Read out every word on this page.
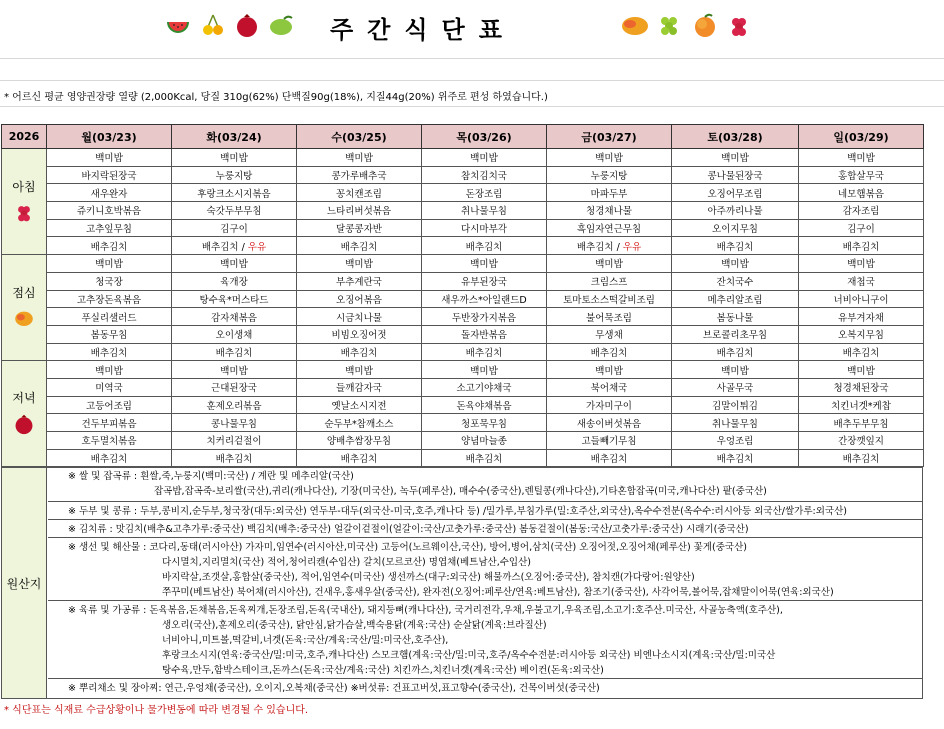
주간식단표
* 어르신 평균 영양권장량 열량 (2,000Kcal, 당질 310g(62%) 단백질90g(18%), 지질44g(20%) 위주로 편성 하였습니다.)
2026	월(03/23)	화(03/24)	수(03/25)	목(03/26)	금(03/27)	토(03/28)	일(03/29)

아침	백미밥	백미밥	백미밥	백미밥	백미밥	백미밥	백미밥
	바지락된장국	누룽지탕	콩가루배추국	참치김치국	누룽지탕	콩나물된장국	홍합살무국
	새우완자	후랑크소시지볶음	꽁치캔조림	돈장조림	마파두부	오징어무조림	네모햄볶음
	쥬키니호박볶음	숙갓두부무침	느타리버섯볶음	취나물무침	청경채나물	아주까리나물	감자조림
	고추잎무침	김구이	달콩콩자반	다시마부각	흑임자연근무침	오이지무침	김구이
	배추김치	배추김치 / 우유	배추김치	배추김치	배추김치 / 우유	배추김치	배추김치

점심	백미밥	백미밥	백미밥	백미밥	백미밥	백미밥	백미밥
	청국장	육개장	부추계란국	유부된장국	크림스프	잔치국수	재첩국
	고추장돈육볶음	탕수육*머스타드	오징어볶음	새우까스*아일랜드D	토마토소스떡갈비조림	메추리알조림	너비아니구이
	푸실리샐러드	감자채볶음	시금치나물	두반장가지볶음	불어묵조림	봄동나물	유부겨자채
	봄동무침	오이생채	비빔오징어젓	돌자반볶음	무생채	브로콜리초무침	오복지무침
	배추김치	배추김치	배추김치	배추김치	배추김치	배추김치	배추김치

저녁	백미밥	백미밥	백미밥	백미밥	백미밥	백미밥	백미밥
	미역국	근대된장국	들깨감자국	소고기야채국	북어채국	사골무국	청경채된장국
	고등어조림	훈제오리볶음	옛날소시지전	돈육야채볶음	가자미구이	김말이튀김	치킨너겟*케찹
	건두부피볶음	콩나물무침	순두부*참깨소스	청포묵무침	새송이버섯볶음	취나물무침	배추두부무침
	호두멸치볶음	치커리겉절이	양배추쌈장무침	양념마늘종	고들빼기무침	우엉조림	간장깻잎지
	배추김치	배추김치	배추김치	배추김치	배추김치	배추김치	배추김치
원산지
※ 쌀 및 잡곡류 : 흰쌀,죽,누룽지(백미:국산) / 계란 및 메추리알(국산)
잡곡밥,잡곡죽-보리쌀(국산),귀리(캐나다산), 기장(미국산), 녹두(페루산), 매수수(중국산),렌틸콩(캐나다산),기타혼합잡곡(미국,캐나다산) 팥(중국산)
※ 두부 및 콩류 : 두부,콩비지,순두부,청국장(대두:외국산) 연두부-대두(외국산-미국,호주,캐나다 등) /밀가루,부침가루(밀:호주산,외국산),옥수수전분(옥수수:러시아등 외국산/쌀가루:외국산)
※ 김치류 : 맛김치(배추&고추가루:중국산) 백김치(배추:중국산) 얼갈이겉절이(얼갈이:국산/고춧가루:중국산) 봄동겉절이(봄동:국산/고춧가루:중국산) 시래기(중국산)
※ 생선 및 해산물 : 코다리,동태(러시아산) 가자미,임연수(러시아산,미국산) 고등어(노르웨이산,국산), 방어,병어,삼치(국산) 오징어젓,오징어채(페루산) 꽃게(중국산)
다시멸치,지리멸치(국산) 적어,청어리캔(수입산) 갈치(모르코산) 명엽채(베트남산,수입산)
바지락살,조갯살,홍합살(중국산), 적어,임연수(미국산) 생선까스(대구:외국산) 해물까스(오징어:중국산), 참치캔(가다랑어:원양산)
쭈꾸미(베트남산) 북어채(러시아산), 건새우,홍새우살(중국산), 완자전(오징어:페루산/연육:베트남산), 참조기(중국산), 사각어묵,볼어묵,잡채말이어묵(연육:외국산)
※ 육류 및 가공류 : 돈육볶음,돈채볶음,돈육찌개,돈장조림,돈육(국내산), 돼지등뼈(캐나다산), 국거리전각,우채,우불고기,우육조림,소고기:호주산.미국산, 사골농축액(호주산),
생오리(국산),훈제오리(중국산), 닭안심,닭가슴살,백숙용닭(계육:국산) 순살닭(계육:브라질산)
너비아니,미트볼,떡갈비,너겟(돈육:국산/계육:국산/밀:미국산,호주산),
후랑크소시지(연육:중국산/밀:미국,호주,캐나다산) 스모크햄(계육:국산/밀:미국,호주/옥수수전분:러시아등 외국산) 비엔나소시지(계육:국산/밀:미국산
탕수육,만두,함박스테이크,돈까스(돈육:국산/계육:국산) 치킨까스,치킨너겟(계육:국산) 베이컨(돈육:외국산)
※ 뿌리채소 및 장아찌: 연근,우엉채(중국산), 오이지,오복채(중국산) ※버섯류: 건표고버섯,표고향수(중국산), 건목이버섯(중국산)
* 식단표는 식재료 수급상황이나 물가변동에 따라 변경될 수 있습니다.
